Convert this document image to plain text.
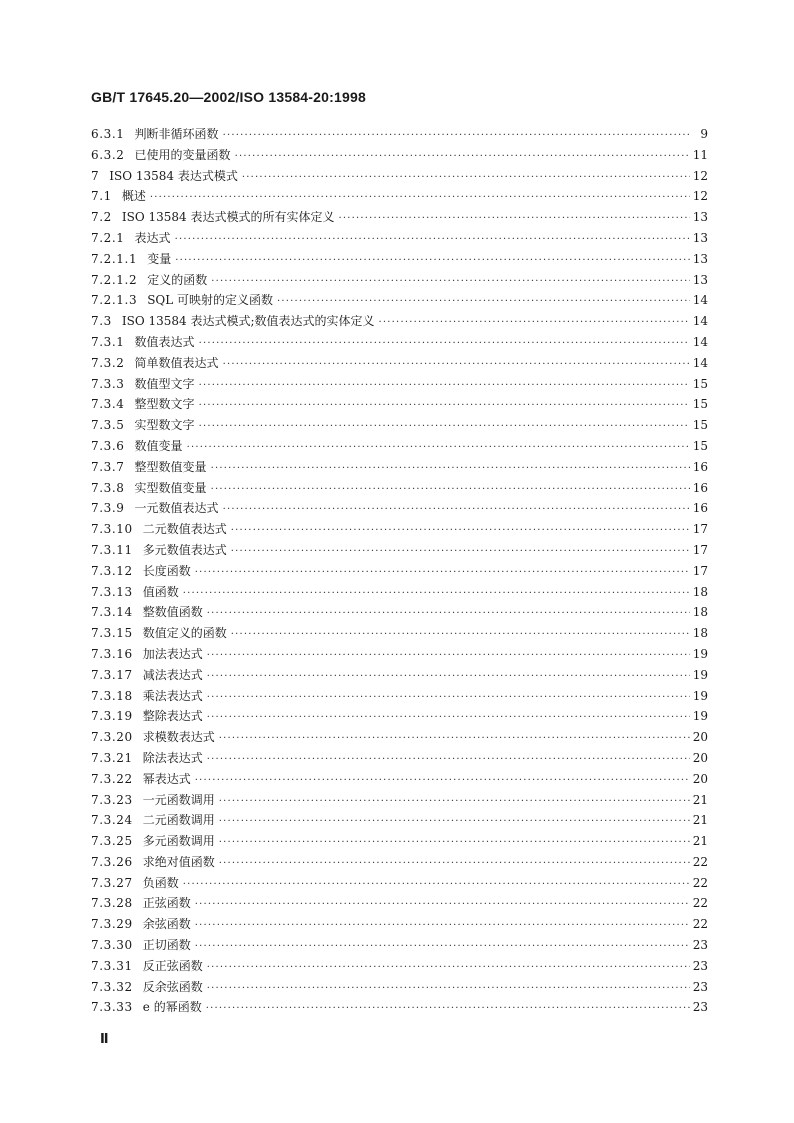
GB/T 17645.20—2002/ISO 13584-20:1998
6.3.1 判断非循环函数 ·····	9
6.3.2 已使用的变量函数 ·····	11
7 ISO 13584 表达式模式 ·····	12
7.1 概述 ·····	12
7.2 ISO 13584 表达式模式的所有实体定义 ·····	13
7.2.1 表达式 ·····	13
7.2.1.1 变量 ·····	13
7.2.1.2 定义的函数 ·····	13
7.2.1.3 SQL 可映射的定义函数 ·····	14
7.3 ISO 13584 表达式模式;数值表达式的实体定义 ·····	14
7.3.1 数值表达式 ·····	14
7.3.2 简单数值表达式 ·····	14
7.3.3 数值型文字 ·····	15
7.3.4 整型数文字 ·····	15
7.3.5 实型数文字 ·····	15
7.3.6 数值变量 ·····	15
7.3.7 整型数值变量 ·····	16
7.3.8 实型数值变量 ·····	16
7.3.9 一元数值表达式 ·····	16
7.3.10 二元数值表达式 ·····	17
7.3.11 多元数值表达式 ·····	17
7.3.12 长度函数 ·····	17
7.3.13 值函数 ·····	18
7.3.14 整数值函数 ·····	18
7.3.15 数值定义的函数 ·····	18
7.3.16 加法表达式 ·····	19
7.3.17 减法表达式 ·····	19
7.3.18 乘法表达式 ·····	19
7.3.19 整除表达式 ·····	19
7.3.20 求模数表达式 ·····	20
7.3.21 除法表达式 ·····	20
7.3.22 幂表达式 ·····	20
7.3.23 一元函数调用 ·····	21
7.3.24 二元函数调用 ·····	21
7.3.25 多元函数调用 ·····	21
7.3.26 求绝对值函数 ·····	22
7.3.27 负函数 ·····	22
7.3.28 正弦函数 ·····	22
7.3.29 余弦函数 ·····	22
7.3.30 正切函数 ·····	23
7.3.31 反正弦函数 ·····	23
7.3.32 反余弦函数 ·····	23
7.3.33 e 的幂函数 ·····	23
Ⅱ
